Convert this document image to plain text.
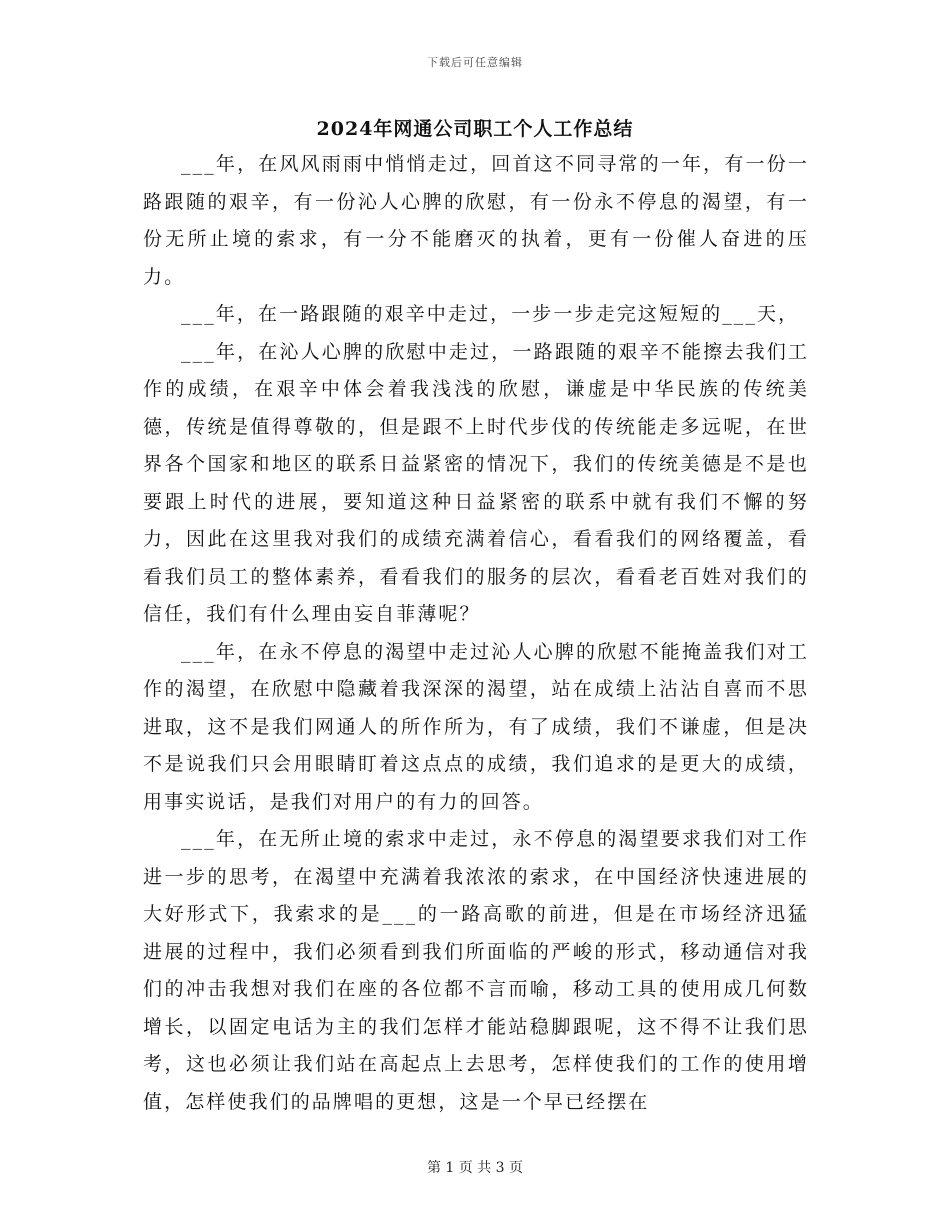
下载后可任意编辑
2024年网通公司职工个人工作总结

___年，在风风雨雨中悄悄走过，回首这不同寻常的一年，有一份一路跟随的艰辛，有一份沁人心脾的欣慰，有一份永不停息的渴望，有一份无所止境的索求，有一分不能磨灭的执着，更有一份催人奋进的压力。

___年，在一路跟随的艰辛中走过，一步一步走完这短短的___天，

___年，在沁人心脾的欣慰中走过，一路跟随的艰辛不能擦去我们工作的成绩，在艰辛中体会着我浅浅的欣慰，谦虚是中华民族的传统美德，传统是值得尊敬的，但是跟不上时代步伐的传统能走多远呢，在世界各个国家和地区的联系日益紧密的情况下，我们的传统美德是不是也要跟上时代的进展，要知道这种日益紧密的联系中就有我们不懈的努力，因此在这里我对我们的成绩充满着信心，看看我们的网络覆盖，看看我们员工的整体素养，看看我们的服务的层次，看看老百姓对我们的信任，我们有什么理由妄自菲薄呢？

___年，在永不停息的渴望中走过沁人心脾的欣慰不能掩盖我们对工作的渴望，在欣慰中隐藏着我深深的渴望，站在成绩上沾沾自喜而不思进取，这不是我们网通人的所作所为，有了成绩，我们不谦虚，但是决不是说我们只会用眼睛盯着这点点的成绩，我们追求的是更大的成绩，用事实说话，是我们对用户的有力的回答。

___年，在无所止境的索求中走过，永不停息的渴望要求我们对工作进一步的思考，在渴望中充满着我浓浓的索求，在中国经济快速进展的大好形式下，我索求的是___的一路高歌的前进，但是在市场经济迅猛进展的过程中，我们必须看到我们所面临的严峻的形式，移动通信对我们的冲击我想对我们在座的各位都不言而喻，移动工具的使用成几何数增长，以固定电话为主的我们怎样才能站稳脚跟呢，这不得不让我们思考，这也必须让我们站在高起点上去思考，怎样使我们的工作的使用增值，怎样使我们的品牌唱的更想，这是一个早已经摆在

第 1 页 共 3 页
